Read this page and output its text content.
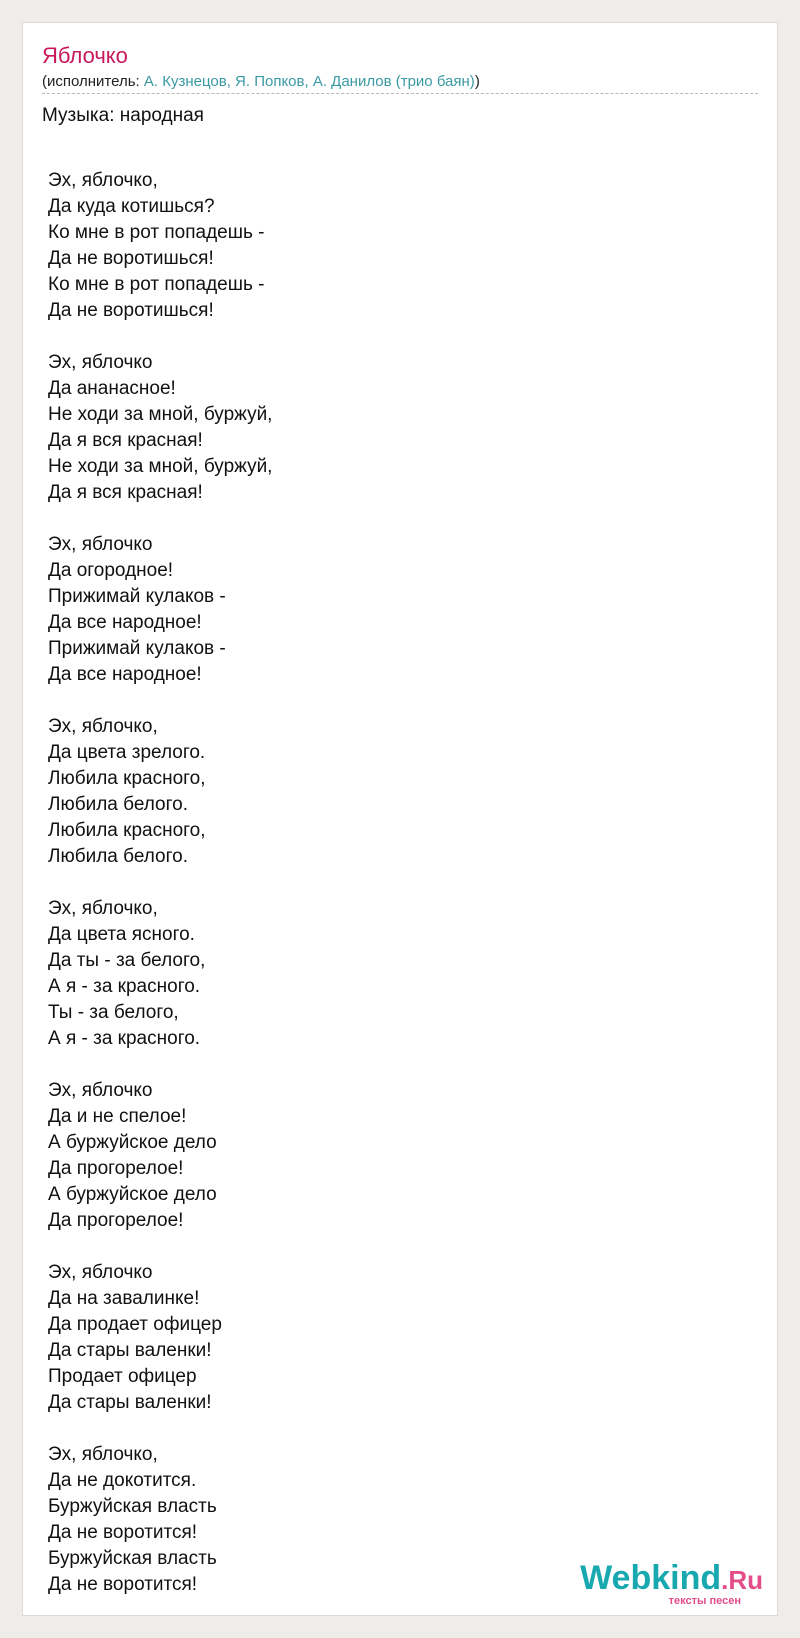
Яблочко
(исполнитель: А. Кузнецов, Я. Попков, А. Данилов (трио баян))
Музыка: народная
Эх, яблочко,
Да куда котишься?
Ко мне в рот попадешь -
Да не воротишься!
Ко мне в рот попадешь -
Да не воротишься!
Эх, яблочко
Да ананасное!
Не ходи за мной, буржуй,
Да я вся красная!
Не ходи за мной, буржуй,
Да я вся красная!
Эх, яблочко
Да огородное!
Прижимай кулаков -
Да все народное!
Прижимай кулаков -
Да все народное!
Эх, яблочко,
Да цвета зрелого.
Любила красного,
Любила белого.
Любила красного,
Любила белого.
Эх, яблочко,
Да цвета ясного.
Да ты - за белого,
А я - за красного.
Ты - за белого,
А я - за красного.
Эх, яблочко
Да и не спелое!
А буржуйское дело
Да прогорелое!
А буржуйское дело
Да прогорелое!
Эх, яблочко
Да на завалинке!
Да продает офицер
Да стары валенки!
Продает офицер
Да стары валенки!
Эх, яблочко,
Да не докотится.
Буржуйская власть
Да не воротится!
Буржуйская власть
Да не воротится!	Webkind.Ru
тексты песен
